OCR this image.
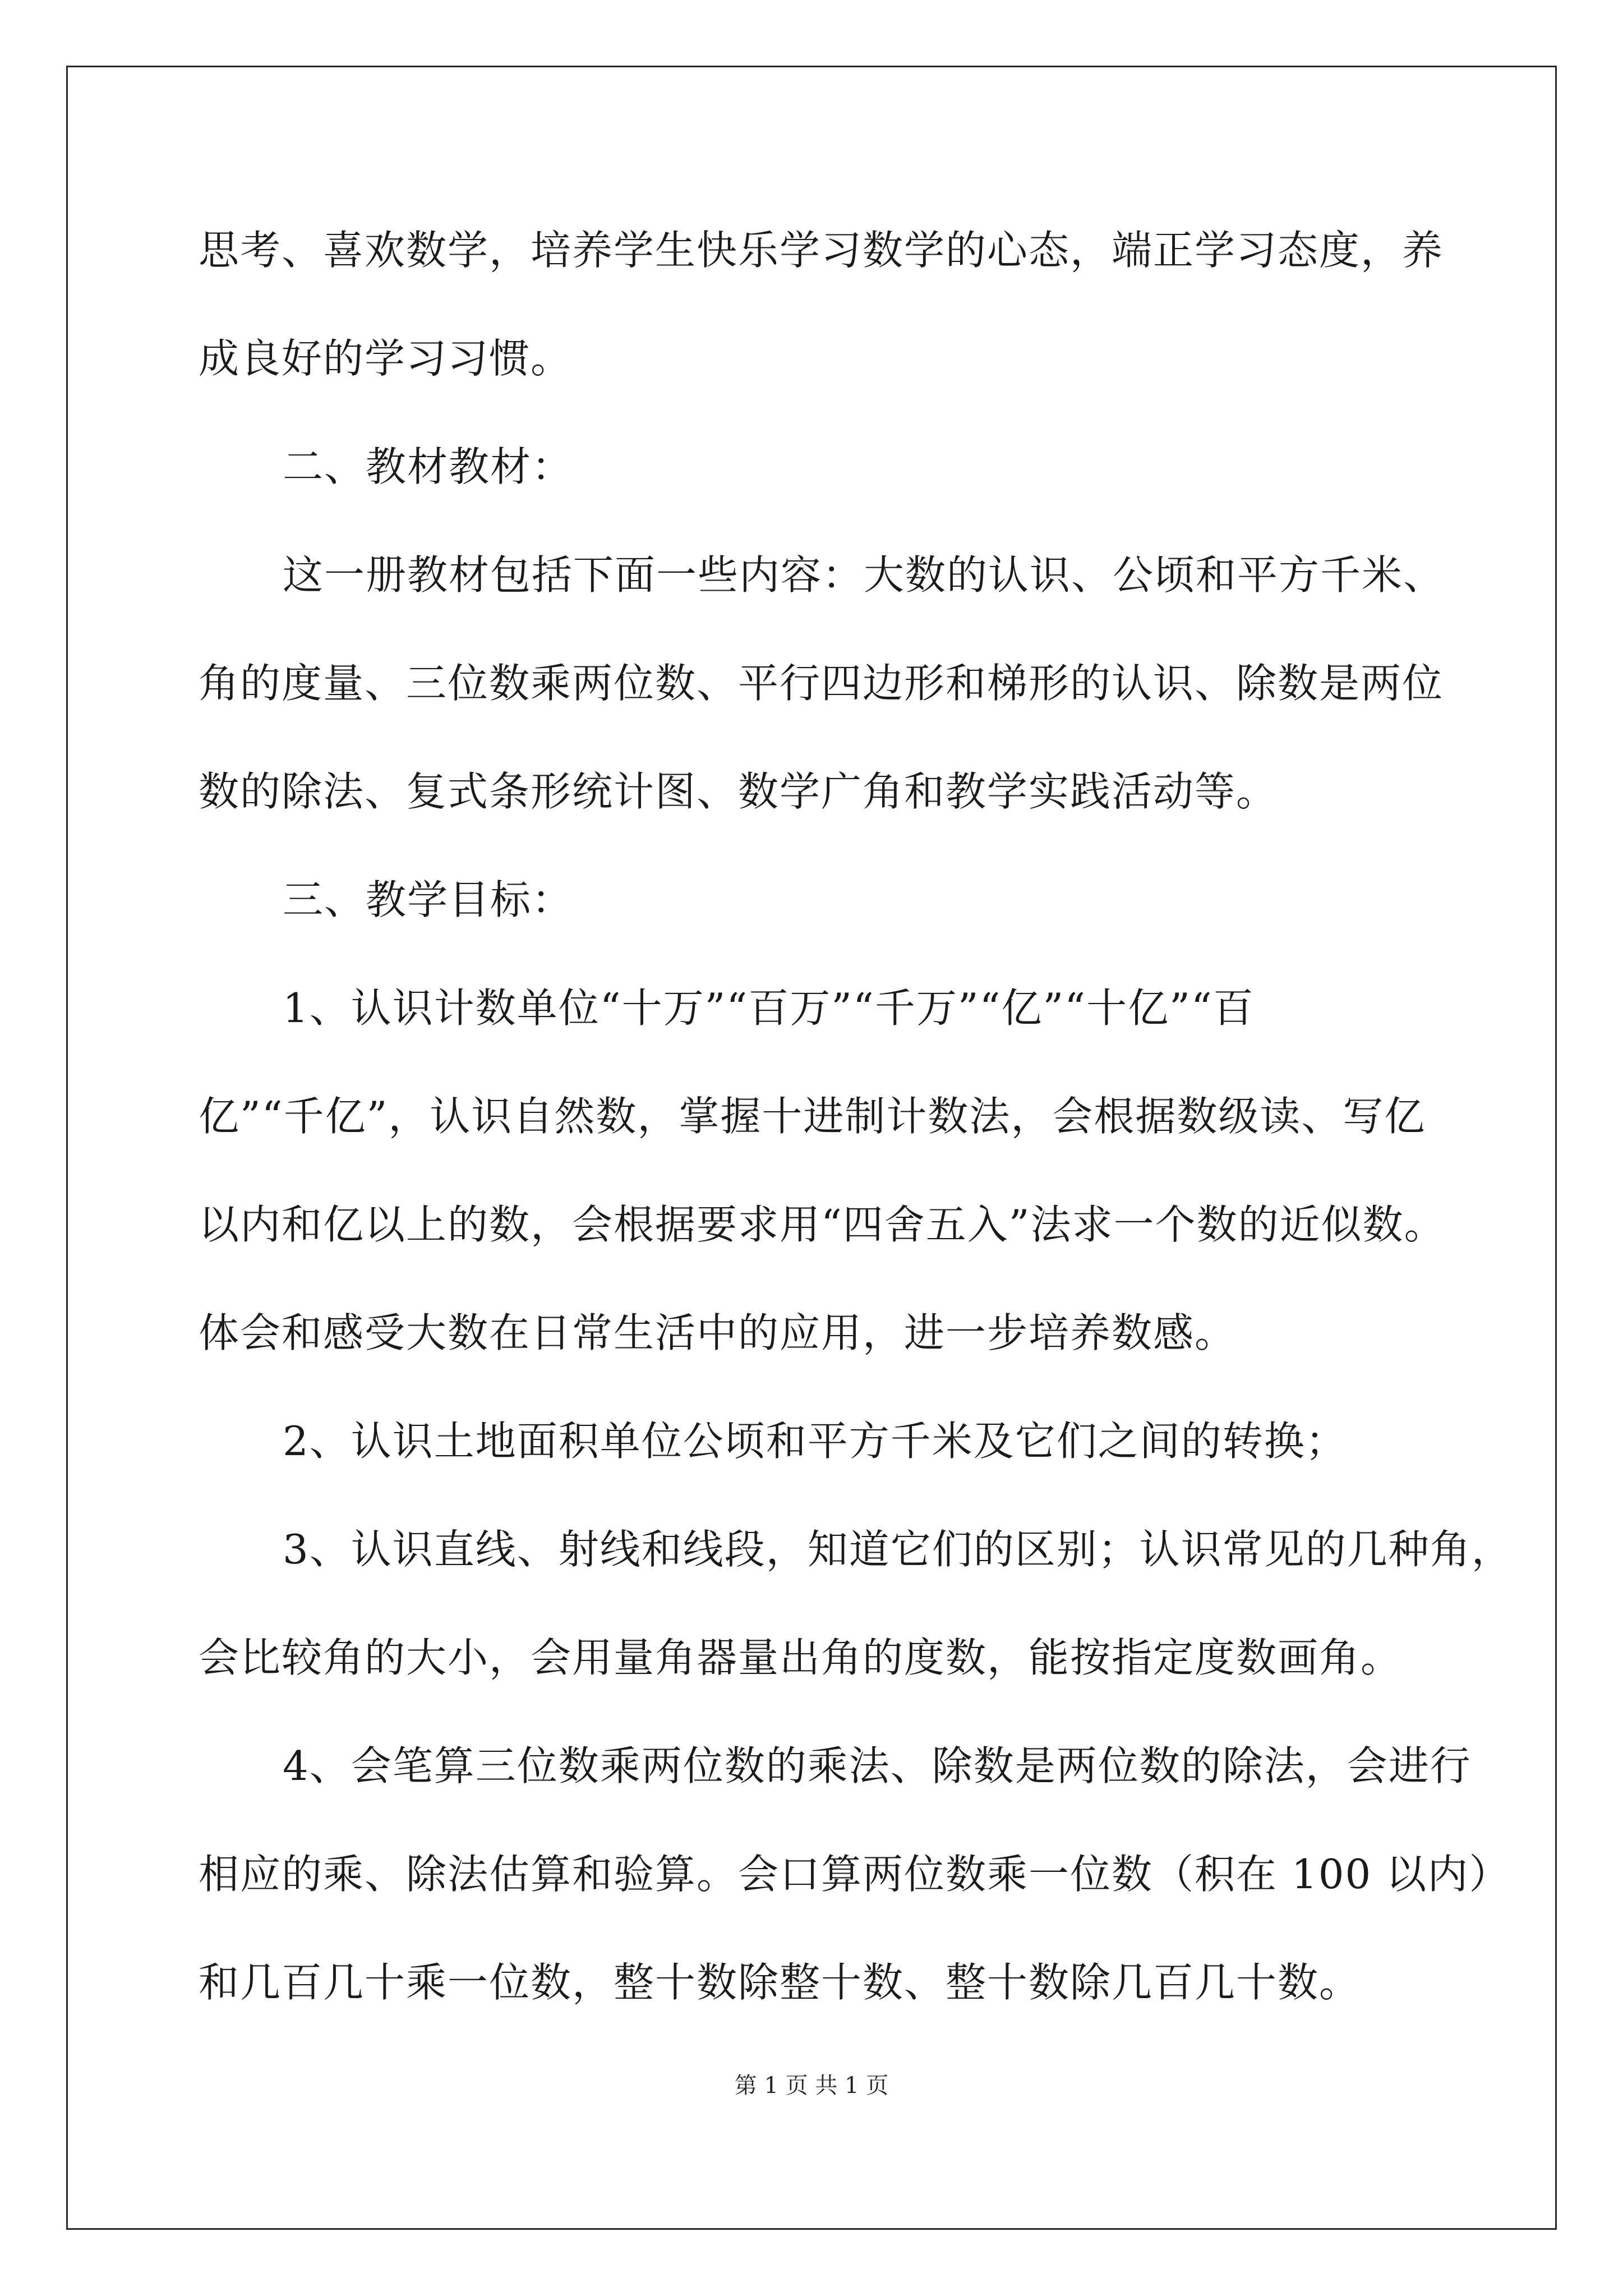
思考、喜欢数学，培养学生快乐学习数学的心态，端正学习态度，养
成良好的学习习惯。
二、教材教材：
这一册教材包括下面一些内容：大数的认识、公顷和平方千米、
角的度量、三位数乘两位数、平行四边形和梯形的认识、除数是两位
数的除法、复式条形统计图、数学广角和教学实践活动等。
三、教学目标：
1、认识计数单位“十万”“百万”“千万”“亿”“十亿”“百
亿”“千亿”，认识自然数，掌握十进制计数法，会根据数级读、写亿
以内和亿以上的数，会根据要求用“四舍五入”法求一个数的近似数。
体会和感受大数在日常生活中的应用，进一步培养数感。
2、认识土地面积单位公顷和平方千米及它们之间的转换；
3、认识直线、射线和线段，知道它们的区别；认识常见的几种角，
会比较角的大小，会用量角器量出角的度数，能按指定度数画角。
4、会笔算三位数乘两位数的乘法、除数是两位数的除法，会进行
相应的乘、除法估算和验算。会口算两位数乘一位数（积在 100 以内）
和几百几十乘一位数，整十数除整十数、整十数除几百几十数。
第 1 页 共 1 页
